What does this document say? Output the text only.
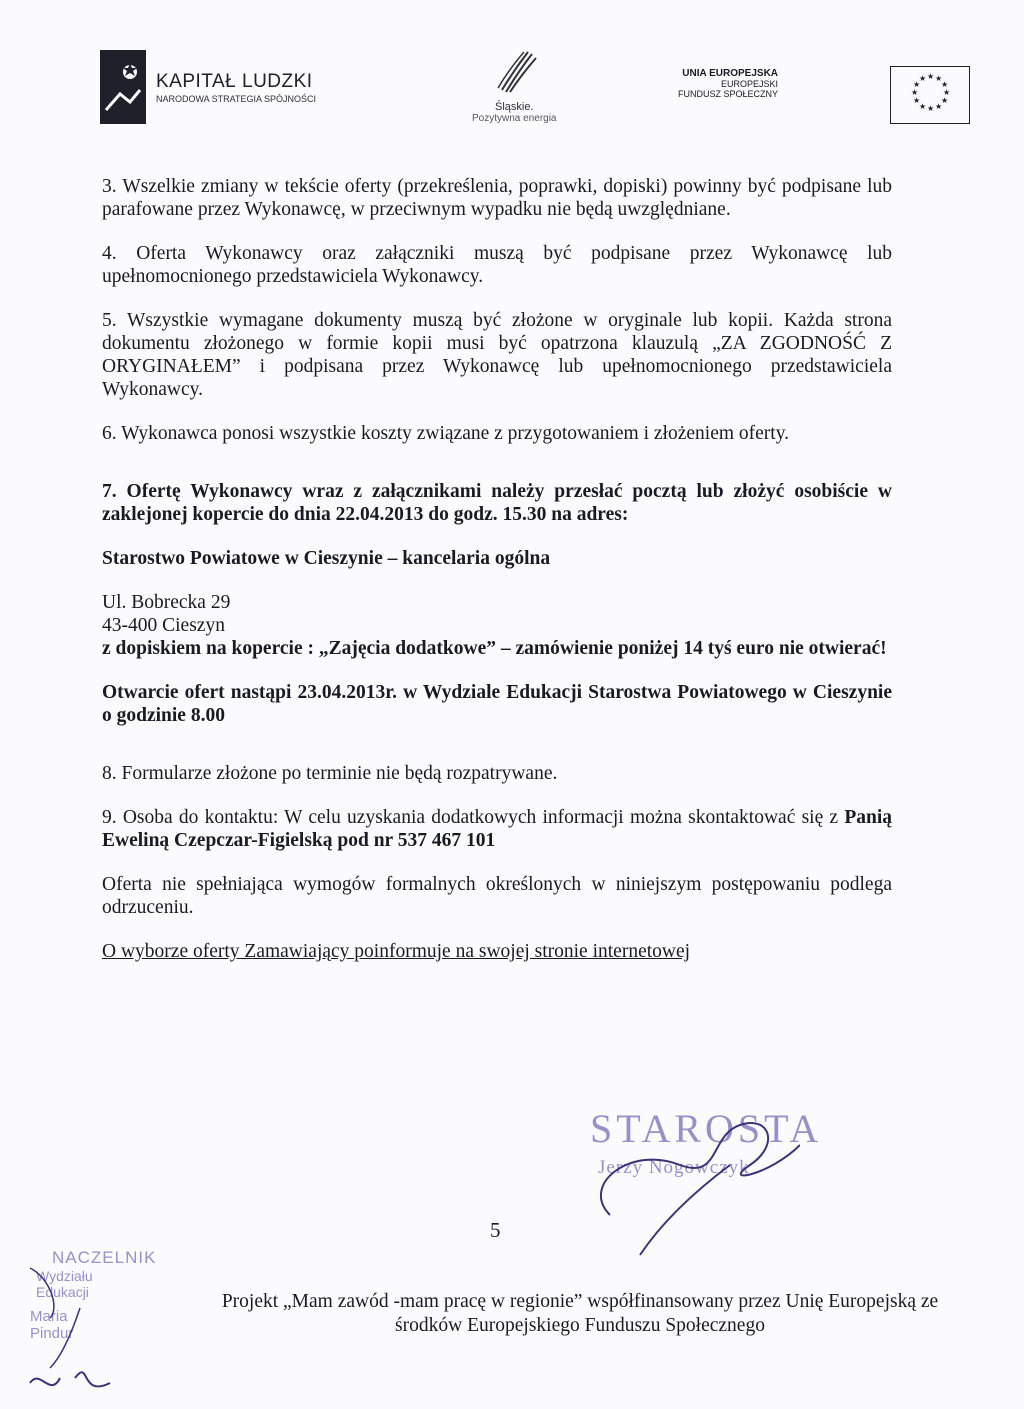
KAPITAŁ LUDZKI
NARODOWA STRATEGIA SPÓJNOŚCI
Śląskie.
Pozytywna energia
UNIA EUROPEJSKA
EUROPEJSKI
FUNDUSZ SPOŁECZNY
★ ★
★
★
★
★
★
★
★
★
★
★

3. Wszelkie zmiany w tekście oferty (przekreślenia, poprawki, dopiski) powinny być podpisane lub parafowane przez Wykonawcę, w przeciwnym wypadku nie będą uwzględniane.

4. Oferta Wykonawcy oraz załączniki muszą być podpisane przez Wykonawcę lub upełnomocnionego przedstawiciela Wykonawcy.

5. Wszystkie wymagane dokumenty muszą być złożone w oryginale lub kopii. Każda strona dokumentu złożonego w formie kopii musi być opatrzona klauzulą „ZA ZGODNOŚĆ Z ORYGINAŁEM” i podpisana przez Wykonawcę lub upełnomocnionego przedstawiciela Wykonawcy.

6. Wykonawca ponosi wszystkie koszty związane z przygotowaniem i złożeniem oferty.

7. Ofertę Wykonawcy wraz z załącznikami należy przesłać pocztą lub złożyć osobiście w zaklejonej kopercie do dnia 22.04.2013 do godz. 15.30 na adres:

Starostwo Powiatowe w Cieszynie – kancelaria ogólna

Ul. Bobrecka 29

43-400 Cieszyn

z dopiskiem na kopercie : „Zajęcia dodatkowe” – zamówienie poniżej 14 tyś euro nie otwierać!

Otwarcie ofert nastąpi 23.04.2013r. w Wydziale Edukacji Starostwa Powiatowego w Cieszynie o godzinie 8.00

8. Formularze złożone po terminie nie będą rozpatrywane.

9. Osoba do kontaktu: W celu uzyskania dodatkowych informacji można skontaktować się z Panią Eweliną Czepczar-Figielską pod nr 537 467 101

Oferta nie spełniająca wymogów formalnych określonych w niniejszym postępowaniu podlega odrzuceniu.

O wyborze oferty Zamawiający poinformuje na swojej stronie internetowej

STAROSTA
Jerzy Nogowczyk
5
NACZELNIK
Wydziału Edukacji
Maria Pindur
Projekt „Mam zawód -mam pracę w regionie” współfinansowany przez Unię Europejską ze
środków Europejskiego Funduszu Społecznego
